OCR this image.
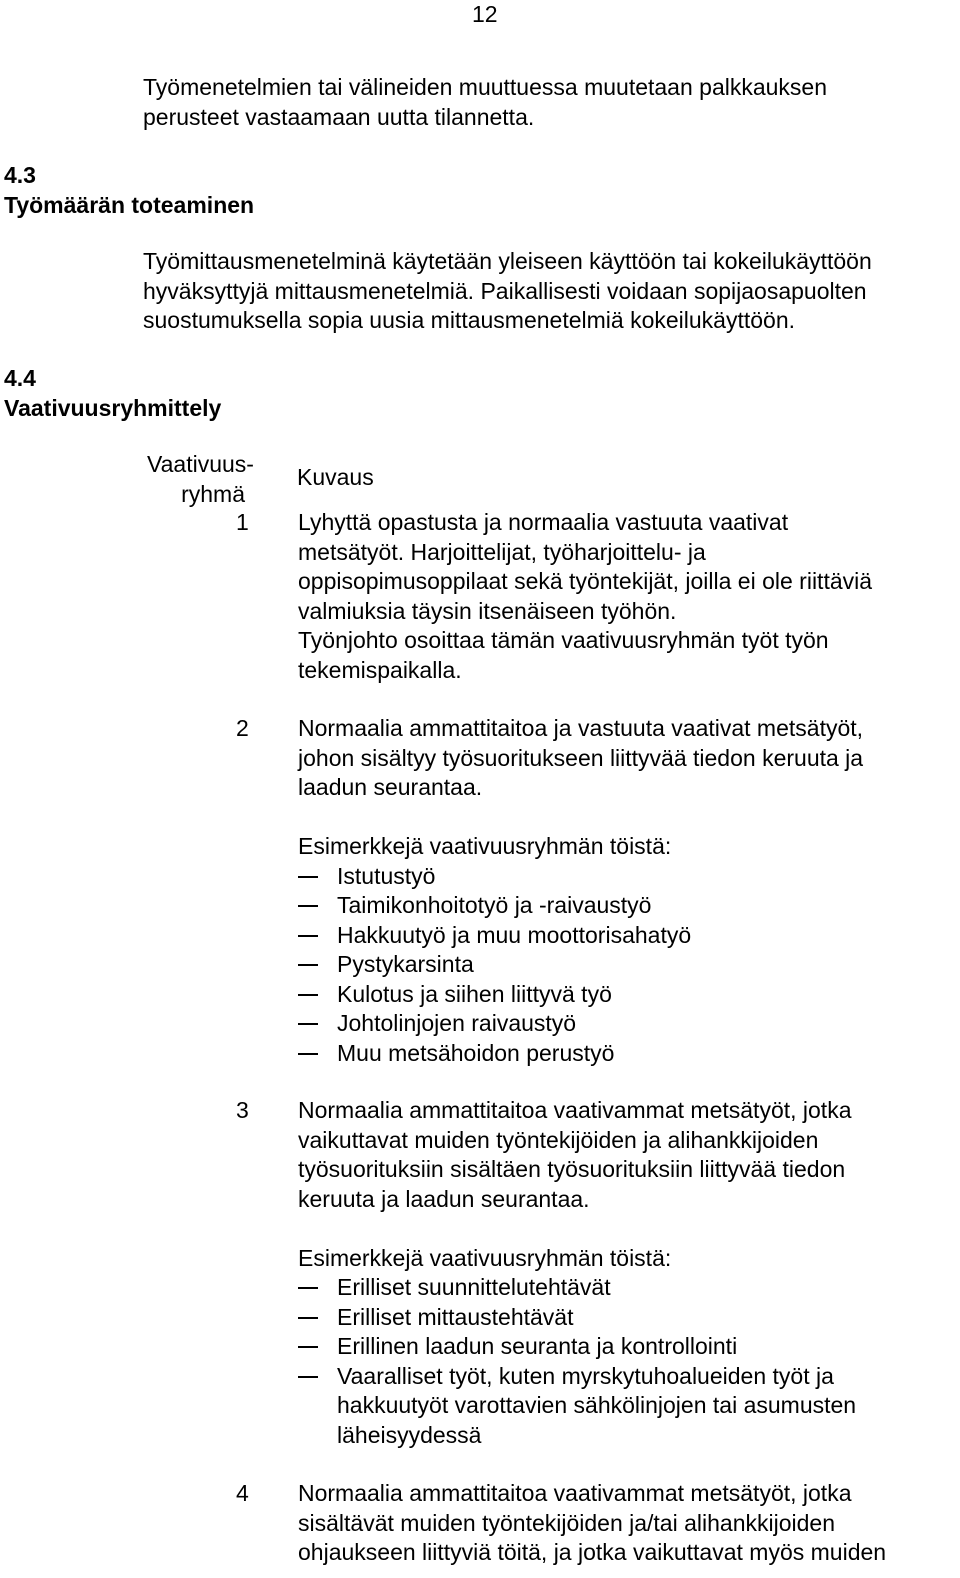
12
Työmenetelmien tai välineiden muuttuessa muutetaan palkkauksen
perusteet vastaamaan uutta tilannetta.
4.3
Työmäärän toteaminen
Työmittausmenetelminä käytetään yleiseen käyttöön tai kokeilukäyttöön
hyväksyttyjä mittausmenetelmiä. Paikallisesti voidaan sopijaosapuolten
suostumuksella sopia uusia mittausmenetelmiä kokeilukäyttöön.
4.4
Vaativuusryhmittely
Vaativuus-
ryhmä
Kuvaus
1 Lyhyttä opastusta ja normaalia vastuuta vaativat
metsätyöt. Harjoittelijat, työharjoittelu- ja
oppisopimusoppilaat sekä työntekijät, joilla ei ole riittäviä
valmiuksia täysin itsenäiseen työhön.
Työnjohto osoittaa tämän vaativuusryhmän työt työn
tekemispaikalla.
2 Normaalia ammattitaitoa ja vastuuta vaativat metsätyöt,
johon sisältyy työsuoritukseen liittyvää tiedon keruuta ja
laadun seurantaa.
Esimerkkejä vaativuusryhmän töistä:
Istutustyö
Taimikonhoitotyö ja -raivaustyö
Hakkuutyö ja muu moottorisahatyö
Pystykarsinta
Kulotus ja siihen liittyvä työ
Johtolinjojen raivaustyö
Muu metsähoidon perustyö
3 Normaalia ammattitaitoa vaativammat metsätyöt, jotka
vaikuttavat muiden työntekijöiden ja alihankkijoiden
työsuorituksiin sisältäen työsuorituksiin liittyvää tiedon
keruuta ja laadun seurantaa.
Esimerkkejä vaativuusryhmän töistä:
Erilliset suunnittelutehtävät
Erilliset mittaustehtävät
Erillinen laadun seuranta ja kontrollointi
Vaaralliset työt, kuten myrskytuhoalueiden työt ja
hakkuutyöt varottavien sähkölinjojen tai asumusten
läheisyydessä
4 Normaalia ammattitaitoa vaativammat metsätyöt, jotka
sisältävät muiden työntekijöiden ja/tai alihankkijoiden
ohjaukseen liittyviä töitä, ja jotka vaikuttavat myös muiden
